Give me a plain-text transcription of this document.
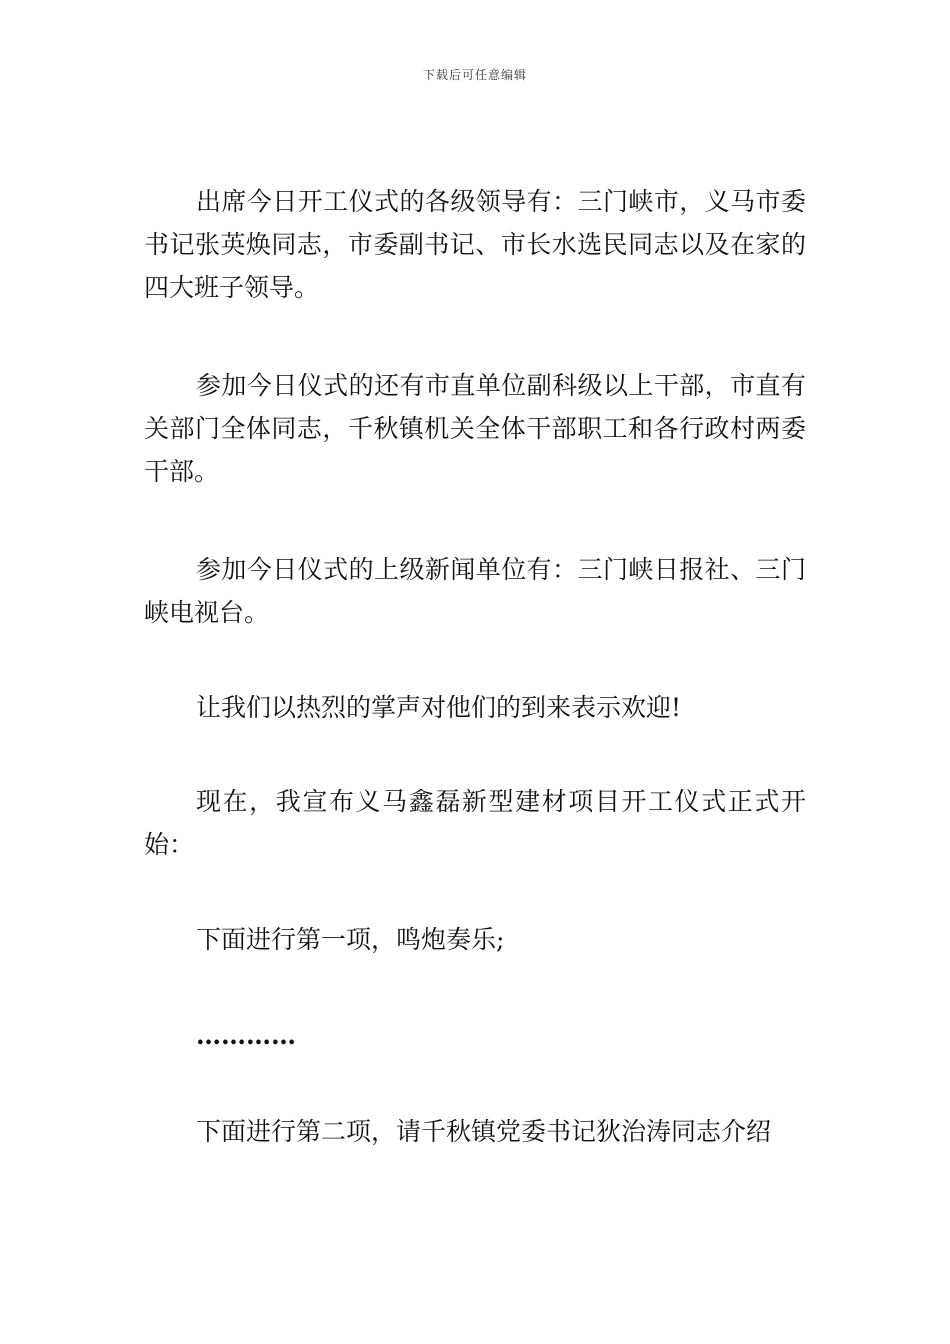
下载后可任意编辑

出席今日开工仪式的各级领导有：三门峡市，义马市委书记张英焕同志，市委副书记、市长水选民同志以及在家的四大班子领导。

参加今日仪式的还有市直单位副科级以上干部，市直有关部门全体同志，千秋镇机关全体干部职工和各行政村两委干部。

参加今日仪式的上级新闻单位有：三门峡日报社、三门峡电视台。

让我们以热烈的掌声对他们的到来表示欢迎!

现在，我宣布义马鑫磊新型建材项目开工仪式正式开始：

下面进行第一项，鸣炮奏乐;

…………

下面进行第二项，请千秋镇党委书记狄治涛同志介绍
